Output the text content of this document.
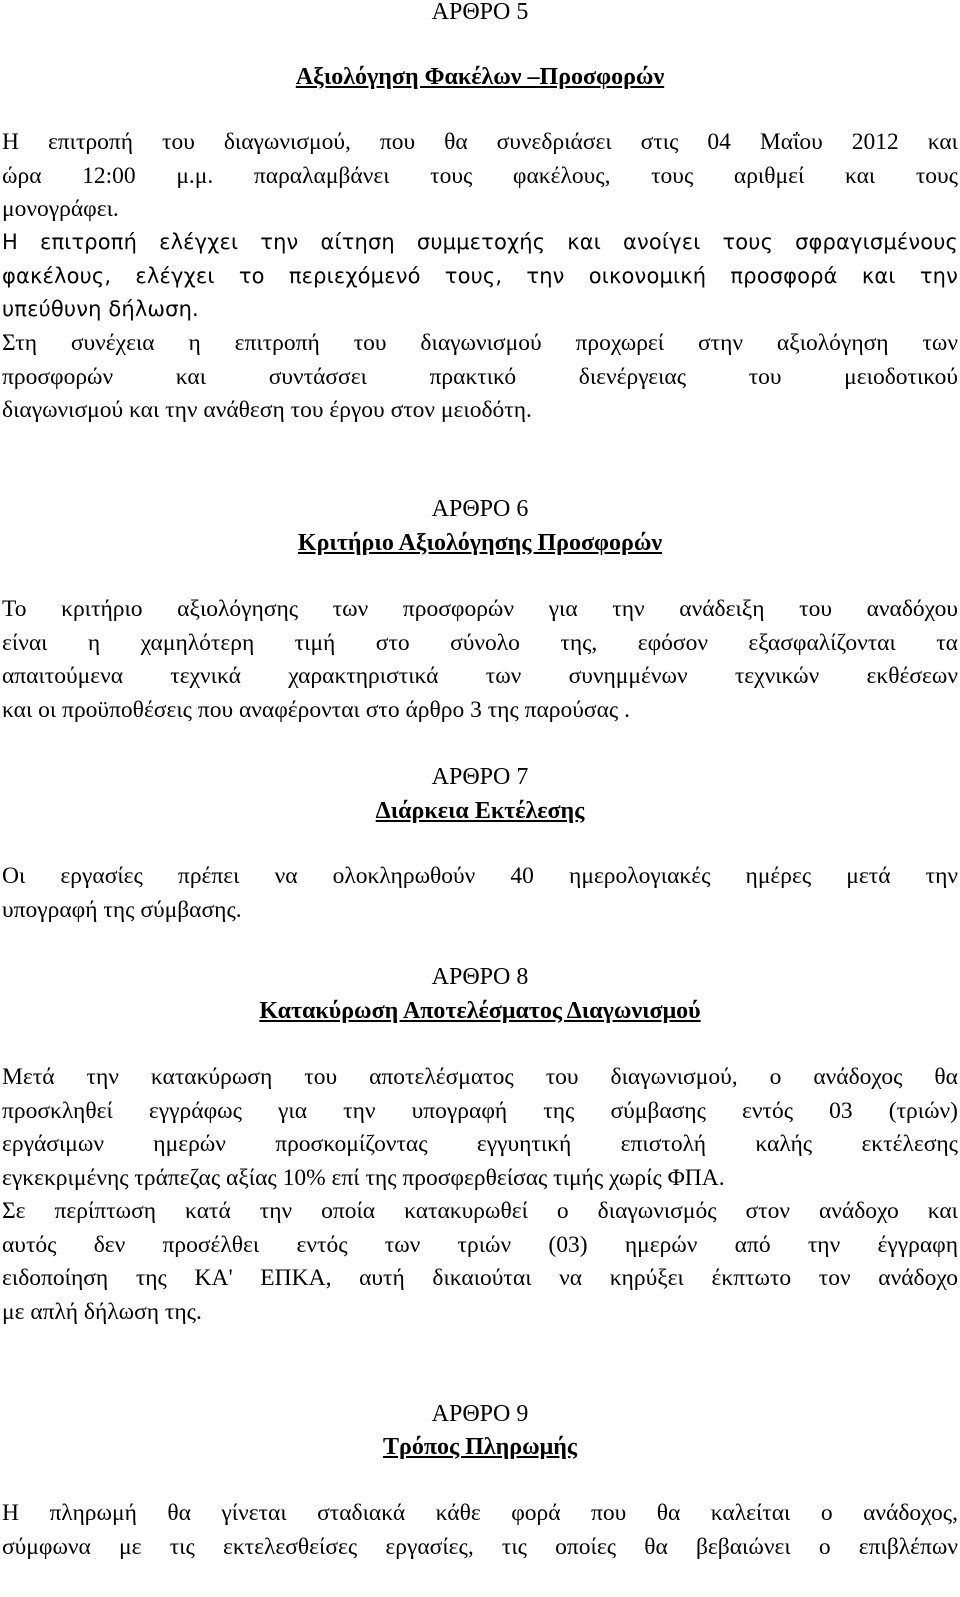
ΑΡΘΡΟ 5
Αξιολόγηση Φακέλων –Προσφορών
Η επιτροπή του διαγωνισμού, που θα συνεδριάσει στις 04 Μαΐου 2012 και
ώρα 12:00 μ.μ. παραλαμβάνει τους φακέλους, τους αριθμεί και τους
μονογράφει.
Η επιτροπή ελέγχει την αίτηση συμμετοχής και ανοίγει τους σφραγισμένους
φακέλους, ελέγχει το περιεχόμενό τους, την οικονομική προσφορά και την
υπεύθυνη δήλωση.
Στη συνέχεια η επιτροπή του διαγωνισμού προχωρεί στην αξιολόγηση των
προσφορών και συντάσσει πρακτικό διενέργειας του μειοδοτικού
διαγωνισμού και την ανάθεση του έργου στον μειοδότη.
ΑΡΘΡΟ 6
Κριτήριο Αξιολόγησης Προσφορών
Το κριτήριο αξιολόγησης των προσφορών για την ανάδειξη του αναδόχου
είναι η χαμηλότερη τιμή στο σύνολο της, εφόσον εξασφαλίζονται τα
απαιτούμενα τεχνικά χαρακτηριστικά των συνημμένων τεχνικών εκθέσεων
και οι προϋποθέσεις που αναφέρονται στο άρθρο 3 της παρούσας .
ΑΡΘΡΟ 7
Διάρκεια Εκτέλεσης
Οι εργασίες πρέπει να ολοκληρωθούν 40 ημερολογιακές ημέρες μετά την
υπογραφή της σύμβασης.
ΑΡΘΡΟ 8
Κατακύρωση Αποτελέσματος Διαγωνισμού
Μετά την κατακύρωση του αποτελέσματος του διαγωνισμού, ο ανάδοχος θα
προσκληθεί εγγράφως για την υπογραφή της σύμβασης εντός 03 (τριών)
εργάσιμων ημερών προσκομίζοντας εγγυητική επιστολή καλής εκτέλεσης
εγκεκριμένης τράπεζας αξίας 10% επί της προσφερθείσας τιμής χωρίς ΦΠΑ.
Σε περίπτωση κατά την οποία κατακυρωθεί ο διαγωνισμός στον ανάδοχο και
αυτός δεν προσέλθει εντός των τριών (03) ημερών από την έγγραφη
ειδοποίηση της ΚΑ' ΕΠΚΑ, αυτή δικαιούται να κηρύξει έκπτωτο τον ανάδοχο
με απλή δήλωση της.
ΑΡΘΡΟ 9
Τρόπος Πληρωμής
Η πληρωμή θα γίνεται σταδιακά κάθε φορά που θα καλείται ο ανάδοχος,
σύμφωνα με τις εκτελεσθείσες εργασίες, τις οποίες θα βεβαιώνει ο επιβλέπων
